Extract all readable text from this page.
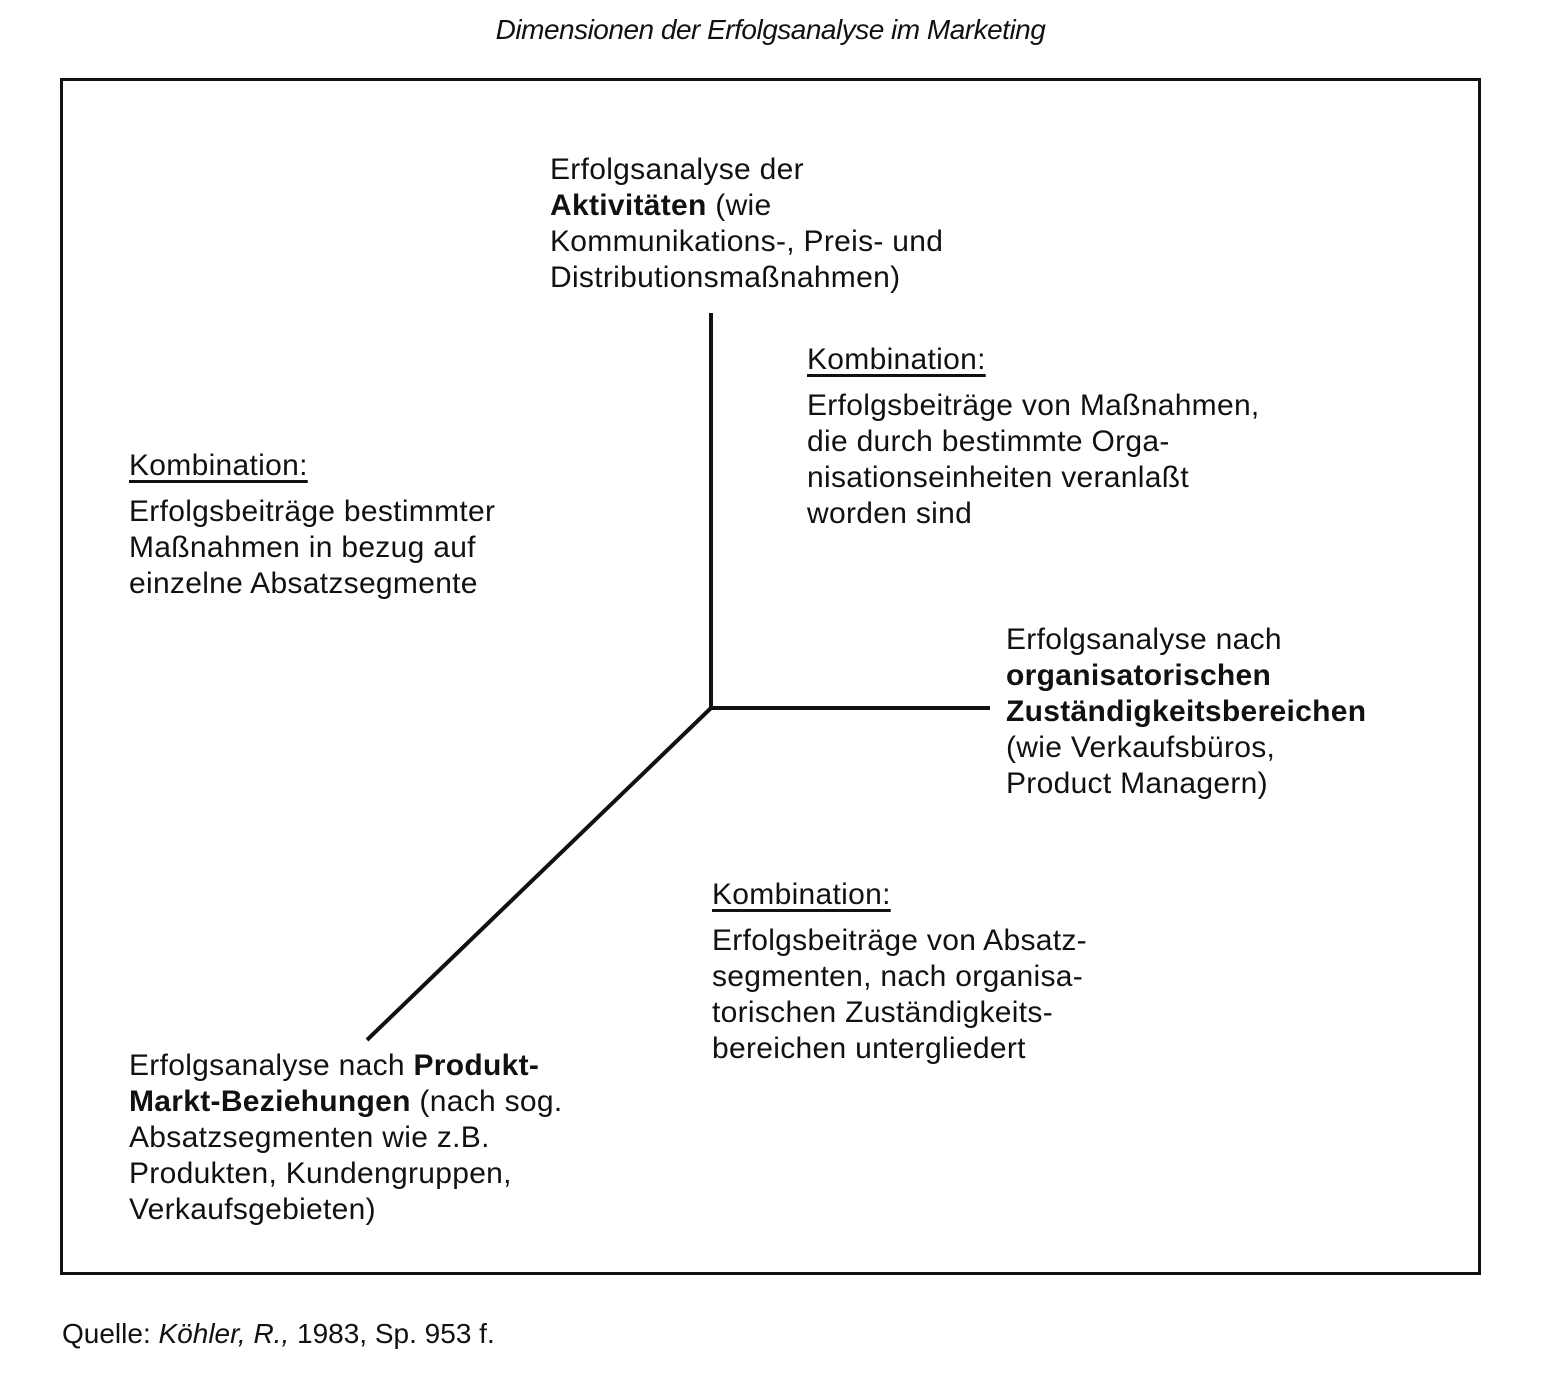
Dimensionen der Erfolgsanalyse im Marketing
Erfolgsanalyse der
Aktivitäten (wie
Kommunikations-, Preis- und
Distributionsmaßnahmen)
Kombination:
Erfolgsbeiträge von Maßnahmen,
die durch bestimmte Orga-
nisationseinheiten veranlaßt
worden sind
Kombination:
Erfolgsbeiträge bestimmter
Maßnahmen in bezug auf
einzelne Absatzsegmente
Erfolgsanalyse nach
organisatorischen
Zuständigkeitsbereichen
(wie Verkaufsbüros,
Product Managern)
Kombination:
Erfolgsbeiträge von Absatz-
segmenten, nach organisa-
torischen Zuständigkeits-
bereichen untergliedert
Erfolgsanalyse nach Produkt-
Markt-Beziehungen (nach sog.
Absatzsegmenten wie z.B.
Produkten, Kundengruppen,
Verkaufsgebieten)
Quelle: Köhler, R., 1983, Sp. 953 f.
